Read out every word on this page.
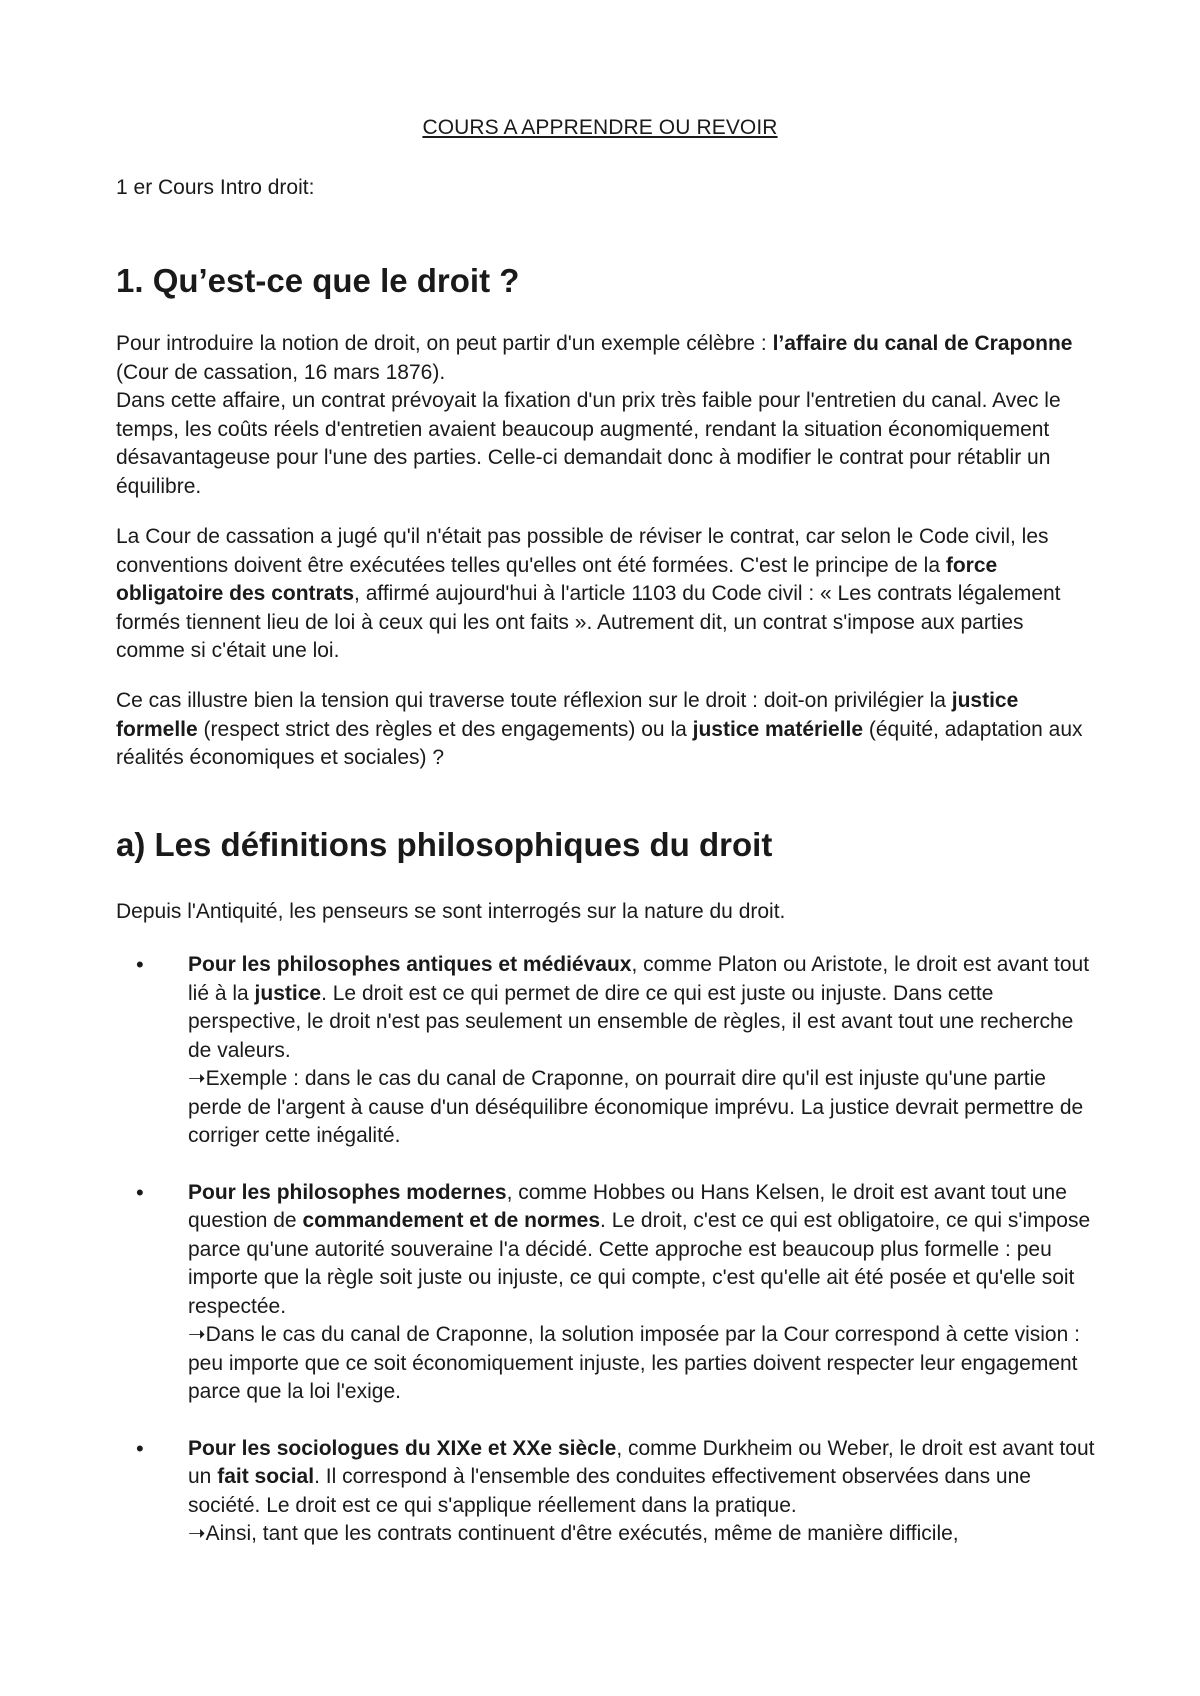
COURS A APPRENDRE OU REVOIR
1 er Cours Intro droit:
1. Qu’est-ce que le droit ?

Pour introduire la notion de droit, on peut partir d'un exemple célèbre : l’affaire du canal de Craponne (Cour de cassation, 16 mars 1876).
Dans cette affaire, un contrat prévoyait la fixation d'un prix très faible pour l'entretien du canal. Avec le temps, les coûts réels d'entretien avaient beaucoup augmenté, rendant la situation économiquement désavantageuse pour l'une des parties. Celle-ci demandait donc à modifier le contrat pour rétablir un équilibre.

La Cour de cassation a jugé qu'il n'était pas possible de réviser le contrat, car selon le Code civil, les conventions doivent être exécutées telles qu'elles ont été formées. C'est le principe de la force obligatoire des contrats, affirmé aujourd'hui à l'article 1103 du Code civil : « Les contrats légalement formés tiennent lieu de loi à ceux qui les ont faits ». Autrement dit, un contrat s'impose aux parties comme si c'était une loi.

Ce cas illustre bien la tension qui traverse toute réflexion sur le droit : doit-on privilégier la justice formelle (respect strict des règles et des engagements) ou la justice matérielle (équité, adaptation aux réalités économiques et sociales) ?

a) Les définitions philosophiques du droit

Depuis l'Antiquité, les penseurs se sont interrogés sur la nature du droit.

• Pour les philosophes antiques et médiévaux, comme Platon ou Aristote, le droit est avant tout lié à la justice. Le droit est ce qui permet de dire ce qui est juste ou injuste. Dans cette perspective, le droit n'est pas seulement un ensemble de règles, il est avant tout une recherche de valeurs.
➝Exemple : dans le cas du canal de Craponne, on pourrait dire qu'il est injuste qu'une partie perde de l'argent à cause d'un déséquilibre économique imprévu. La justice devrait permettre de corriger cette inégalité.
• Pour les philosophes modernes, comme Hobbes ou Hans Kelsen, le droit est avant tout une question de commandement et de normes. Le droit, c'est ce qui est obligatoire, ce qui s'impose parce qu'une autorité souveraine l'a décidé. Cette approche est beaucoup plus formelle : peu importe que la règle soit juste ou injuste, ce qui compte, c'est qu'elle ait été posée et qu'elle soit respectée.
➝Dans le cas du canal de Craponne, la solution imposée par la Cour correspond à cette vision : peu importe que ce soit économiquement injuste, les parties doivent respecter leur engagement parce que la loi l'exige.
• Pour les sociologues du XIXe et XXe siècle, comme Durkheim ou Weber, le droit est avant tout un fait social. Il correspond à l'ensemble des conduites effectivement observées dans une société. Le droit est ce qui s'applique réellement dans la pratique.
➝Ainsi, tant que les contrats continuent d'être exécutés, même de manière difficile,
